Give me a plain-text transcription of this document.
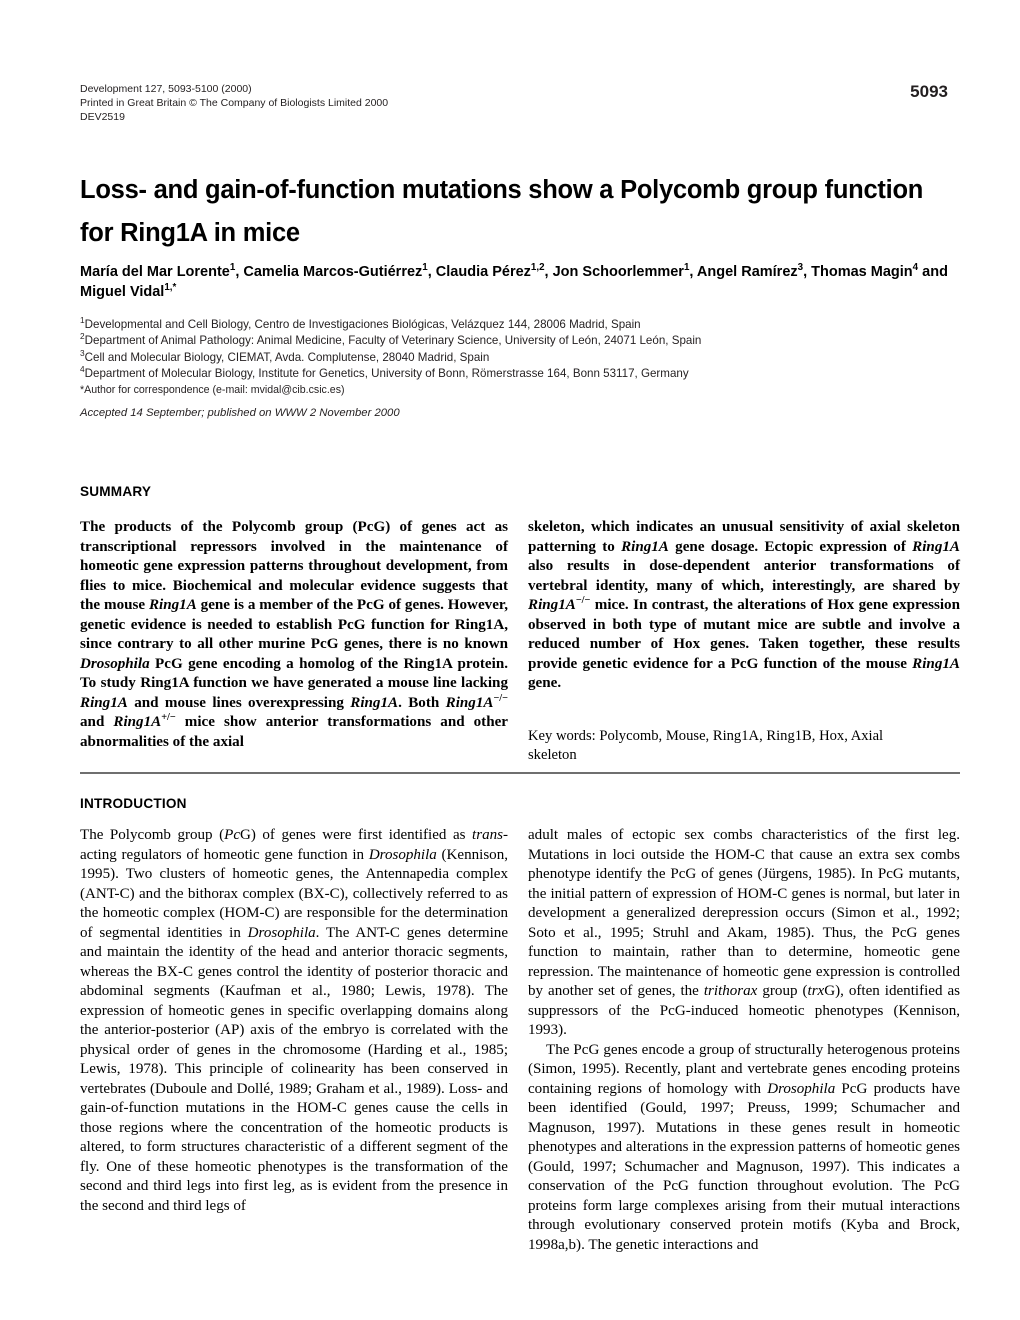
Development 127, 5093-5100 (2000)
Printed in Great Britain © The Company of Biologists Limited 2000
DEV2519
5093
Loss- and gain-of-function mutations show a Polycomb group function for Ring1A in mice
María del Mar Lorente$^1$, Camelia Marcos-Gutiérrez$^1$, Claudia Pérez$^{1,2}$, Jon Schoorlemmer$^1$, Angel Ramírez$^3$, Thomas Magin$^4$ and Miguel Vidal$^{1,*}$
$^1$Developmental and Cell Biology, Centro de Investigaciones Biológicas, Velázquez 144, 28006 Madrid, Spain
$^2$Department of Animal Pathology: Animal Medicine, Faculty of Veterinary Science, University of León, 24071 León, Spain
$^3$Cell and Molecular Biology, CIEMAT, Avda. Complutense, 28040 Madrid, Spain
$^4$Department of Molecular Biology, Institute for Genetics, University of Bonn, Römerstrasse 164, Bonn 53117, Germany
*Author for correspondence (e-mail: mvidal@cib.csic.es)
Accepted 14 September; published on WWW 2 November 2000
SUMMARY
The products of the Polycomb group (PcG) of genes act as transcriptional repressors involved in the maintenance of homeotic gene expression patterns throughout development, from flies to mice. Biochemical and molecular evidence suggests that the mouse Ring1A gene is a member of the PcG of genes. However, genetic evidence is needed to establish PcG function for Ring1A, since contrary to all other murine PcG genes, there is no known Drosophila PcG gene encoding a homolog of the Ring1A protein. To study Ring1A function we have generated a mouse line lacking Ring1A and mouse lines overexpressing Ring1A. Both Ring1A−/− and Ring1A+/− mice show anterior transformations and other abnormalities of the axial
skeleton, which indicates an unusual sensitivity of axial skeleton patterning to Ring1A gene dosage. Ectopic expression of Ring1A also results in dose-dependent anterior transformations of vertebral identity, many of which, interestingly, are shared by Ring1A−/− mice. In contrast, the alterations of Hox gene expression observed in both type of mutant mice are subtle and involve a reduced number of Hox genes. Taken together, these results provide genetic evidence for a PcG function of the mouse Ring1A gene.
Key words: Polycomb, Mouse, Ring1A, Ring1B, Hox, Axial skeleton
INTRODUCTION

The Polycomb group (PcG) of genes were first identified as trans-acting regulators of homeotic gene function in Drosophila (Kennison, 1995). Two clusters of homeotic genes, the Antennapedia complex (ANT-C) and the bithorax complex (BX-C), collectively referred to as the homeotic complex (HOM-C) are responsible for the determination of segmental identities in Drosophila. The ANT-C genes determine and maintain the identity of the head and anterior thoracic segments, whereas the BX-C genes control the identity of posterior thoracic and abdominal segments (Kaufman et al., 1980; Lewis, 1978). The expression of homeotic genes in specific overlapping domains along the anterior-posterior (AP) axis of the embryo is correlated with the physical order of genes in the chromosome (Harding et al., 1985; Lewis, 1978). This principle of colinearity has been conserved in vertebrates (Duboule and Dollé, 1989; Graham et al., 1989). Loss- and gain-of-function mutations in the HOM-C genes cause the cells in those regions where the concentration of the homeotic products is altered, to form structures characteristic of a different segment of the fly. One of these homeotic phenotypes is the transformation of the second and third legs into first leg, as is evident from the presence in the second and third legs of

adult males of ectopic sex combs characteristics of the first leg. Mutations in loci outside the HOM-C that cause an extra sex combs phenotype identify the PcG of genes (Jürgens, 1985). In PcG mutants, the initial pattern of expression of HOM-C genes is normal, but later in development a generalized derepression occurs (Simon et al., 1992; Soto et al., 1995; Struhl and Akam, 1985). Thus, the PcG genes function to maintain, rather than to determine, homeotic gene repression. The maintenance of homeotic gene expression is controlled by another set of genes, the trithorax group (trxG), often identified as suppressors of the PcG-induced homeotic phenotypes (Kennison, 1993).

The PcG genes encode a group of structurally heterogenous proteins (Simon, 1995). Recently, plant and vertebrate genes encoding proteins containing regions of homology with Drosophila PcG products have been identified (Gould, 1997; Preuss, 1999; Schumacher and Magnuson, 1997). Mutations in these genes result in homeotic phenotypes and alterations in the expression patterns of homeotic genes (Gould, 1997; Schumacher and Magnuson, 1997). This indicates a conservation of the PcG function throughout evolution. The PcG proteins form large complexes arising from their mutual interactions through evolutionary conserved protein motifs (Kyba and Brock, 1998a,b). The genetic interactions and
